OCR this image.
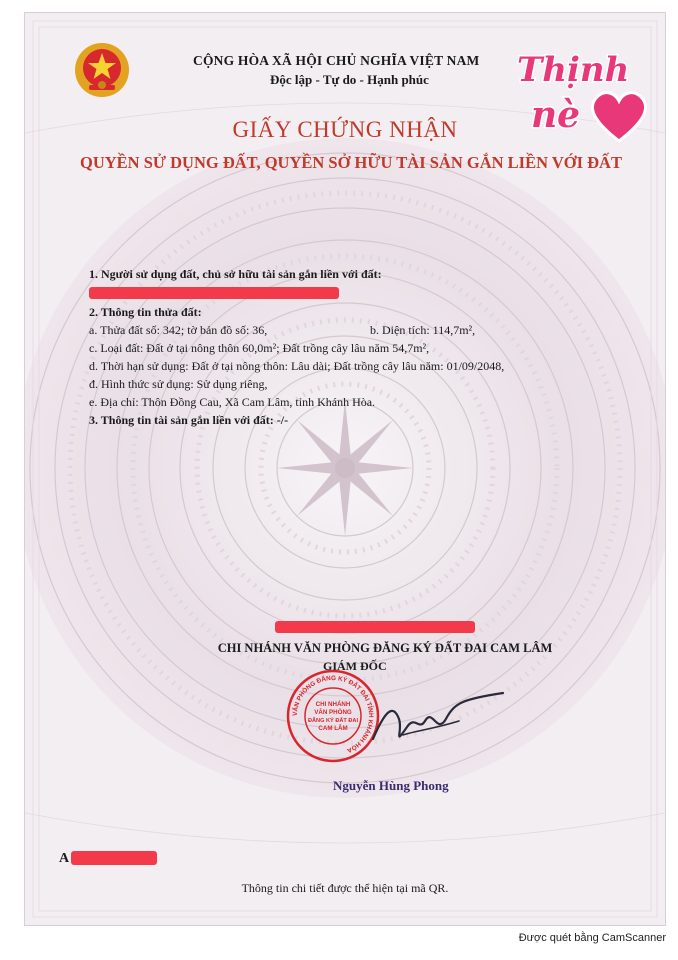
CỘNG HÒA XÃ HỘI CHỦ NGHĨA VIỆT NAM
Độc lập - Tự do - Hạnh phúc
GIẤY CHỨNG NHẬN
QUYỀN SỬ DỤNG ĐẤT, QUYỀN SỞ HỮU TÀI SẢN GẮN LIỀN VỚI ĐẤT
1. Người sử dụng đất, chủ sở hữu tài sản gắn liền với đất:
2. Thông tin thửa đất:
a. Thửa đất số: 342; tờ bản đồ số: 36,	b. Diện tích: 114,7m²,
c. Loại đất: Đất ở tại nông thôn 60,0m²; Đất trồng cây lâu năm 54,7m²,
d. Thời hạn sử dụng: Đất ở tại nông thôn: Lâu dài; Đất trồng cây lâu năm: 01/09/2048,
đ. Hình thức sử dụng: Sử dụng riêng,
e. Địa chỉ: Thôn Đồng Cau, Xã Cam Lâm, tỉnh Khánh Hòa.
3. Thông tin tài sản gắn liền với đất: -/-
CHI NHÁNH VĂN PHÒNG ĐĂNG KÝ ĐẤT ĐAI CAM LÂM
GIÁM ĐỐC
VĂN PHÒNG ĐĂNG KÝ ĐẤT ĐAI TỈNH KHÁNH HÒA
CHI NHÁNH
VĂN PHÒNG
ĐĂNG KÝ ĐẤT ĐAI
CAM LÂM
Nguyễn Hùng Phong
A
Thông tin chi tiết được thể hiện tại mã QR.
Thịnh
nè
Được quét bằng CamScanner
